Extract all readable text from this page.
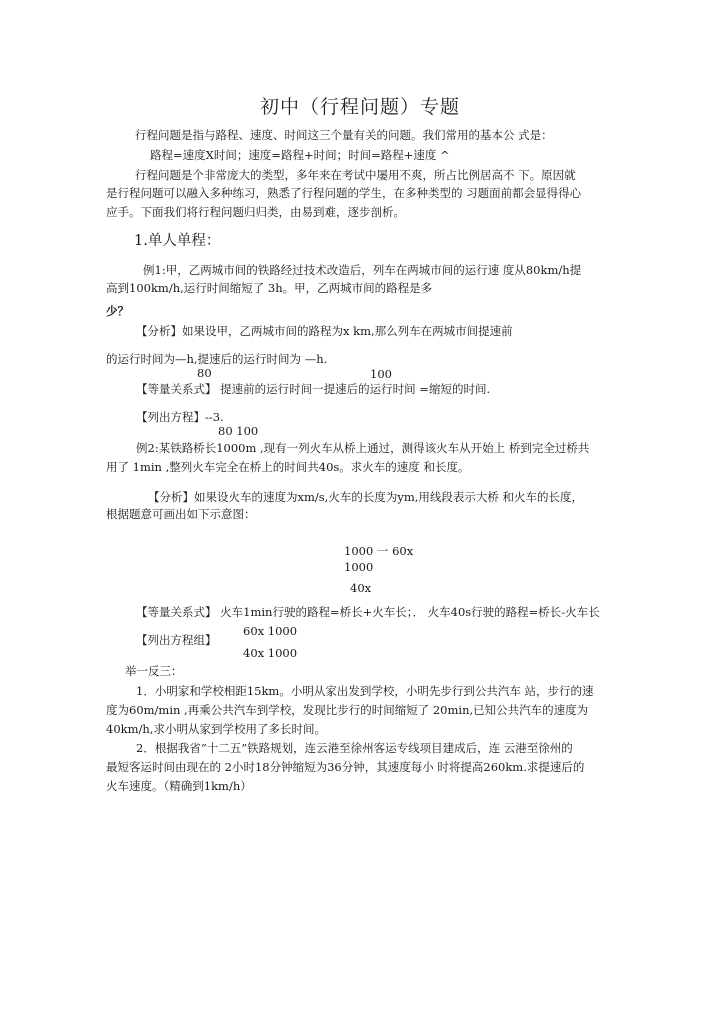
初中（行程问题）专题
行程问题是指与路程、速度、时间这三个量有关的问题。我们常用的基本公 式是：
路程=速度X时间；速度=路程+时间；时间=路程+速度 ^
行程问题是个非常庞大的类型，多年来在考试中屡用不爽，所占比例居高不 下。原因就
是行程问题可以融入多种练习，熟悉了行程问题的学生，在多种类型的 习题面前都会显得得心
应手。下面我们将行程问题归归类，由易到难，逐步剖析。
1.单人单程：
例1:甲，乙两城市间的铁路经过技术改造后，列车在两城市间的运行速 度从80km/h提
高到100km/h,运行时间缩短了 3h。甲，乙两城市间的路程是多
少？
【分析】如果设甲，乙两城市间的路程为x km,那么列车在两城市间提速前
的运行时间为—h,提速后的运行时间为 —h.
80	100
【等量关系式】 提速前的运行时间一提速后的运行时间 =缩短的时间.
【列出方程】--3.
80 100
例2:某铁路桥长1000m ,现有一列火车从桥上通过，测得该火车从开始上 桥到完全过桥共
用了 1min ,整列火车完全在桥上的时间共40s。求火车的速度 和长度。
【分析】如果设火车的速度为xm/s,火车的长度为ym,用线段表示大桥 和火车的长度，
根据题意可画出如下示意图：
1000 一 60x
1000
40x
【等量关系式】 火车1min行驶的路程=桥长+火车长；． 火车40s行驶的路程=桥长-火车长
60x 1000
【列出方程组】
40x 1000
举一反三：
1．小明家和学校相距15km。小明从家出发到学校，小明先步行到公共汽车 站，步行的速
度为60m/min ,再乘公共汽车到学校，发现比步行的时间缩短了 20min,已知公共汽车的速度为
40km/h,求小明从家到学校用了多长时间。
2．根据我省“十二五”铁路规划，连云港至徐州客运专线项目建成后，连 云港至徐州的
最短客运时间由现在的 2小时18分钟缩短为36分钟，其速度每小 时将提高260km.求提速后的
火车速度。（精确到1km/h）
